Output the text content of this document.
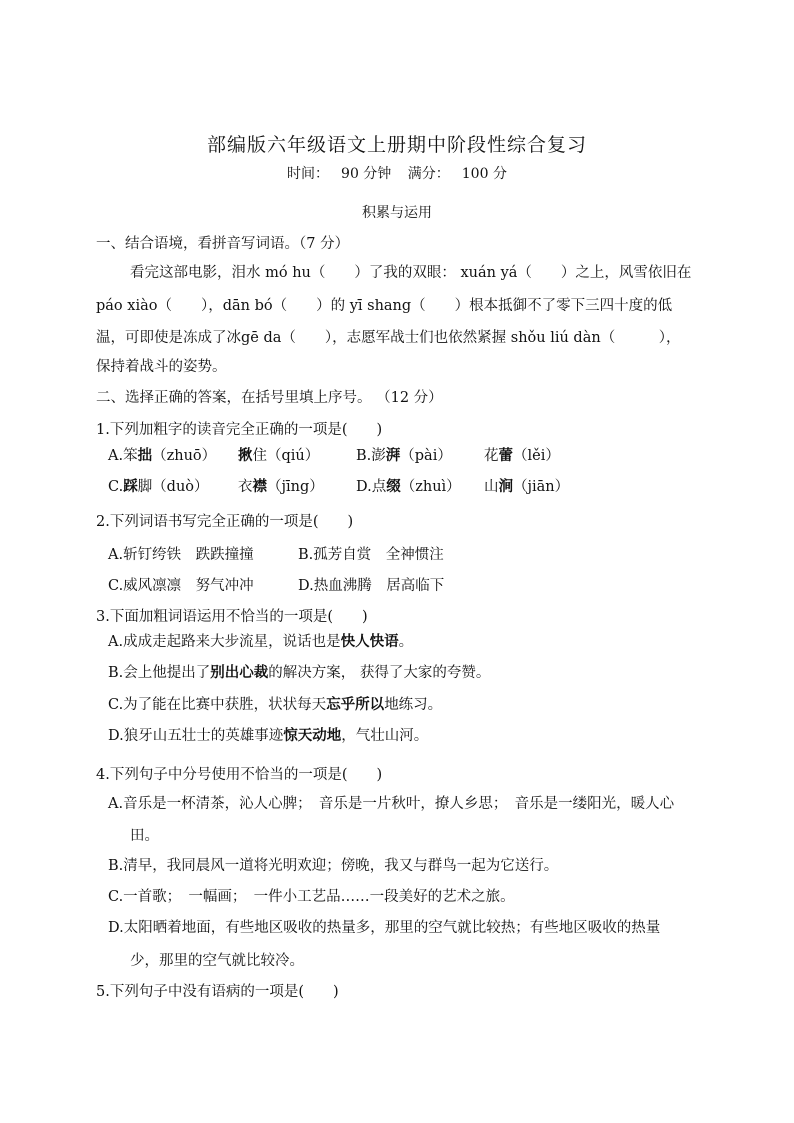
部编版六年级语文上册期中阶段性综合复习
时间： 90 分钟 满分： 100 分
积累与运用
一、结合语境，看拼音写词语。（7 分）
看完这部电影，泪水 mó hu（　　）了我的双眼： xuán yá（　　）之上，风雪依旧在
páo xiào（　　），dān bó（　　）的 yī shang（　　）根本抵御不了零下三四十度的低
温，可即使是冻成了冰gē da（　　），志愿军战士们也依然紧握 shǒu liú dàn（　　　），
保持着战斗的姿势。
二、选择正确的答案，在括号里填上序号。 （12 分）
1.下列加粗字的读音完全正确的一项是(　　)
A.笨拙（zhuō） 揪住（qiú）	B.澎湃（pài） 花蕾（lěi）
C.踩脚（duò） 衣襟（jīng） D.点缀（zhuì） 山涧（jiān）
2.下列词语书写完全正确的一项是(　　)
A.斩钉绔铁　跌跌撞撞	B.孤芳自赏　全神惯注
C.威风凛凛　努气冲冲	D.热血沸腾　居高临下
3.下面加粗词语运用不恰当的一项是(　　)
A.成成走起路来大步流星，说话也是快人快语。
B.会上他提出了别出心裁的解决方案， 获得了大家的夸赞。
C.为了能在比赛中获胜，状状每天忘乎所以地练习。
D.狼牙山五壮士的英雄事迹惊天动地，气壮山河。
4.下列句子中分号使用不恰当的一项是(　　)
A.音乐是一杯清茶，沁人心脾；　音乐是一片秋叶，撩人乡思；　音乐是一缕阳光，暖人心
田。
B.清早，我同晨风一道将光明欢迎；傍晚，我又与群鸟一起为它送行。
C.一首歌；　一幅画；　一件小工艺品……一段美好的艺术之旅。
D.太阳晒着地面，有些地区吸收的热量多，那里的空气就比较热；有些地区吸收的热量
少，那里的空气就比较冷。
5.下列句子中没有语病的一项是(　　)
